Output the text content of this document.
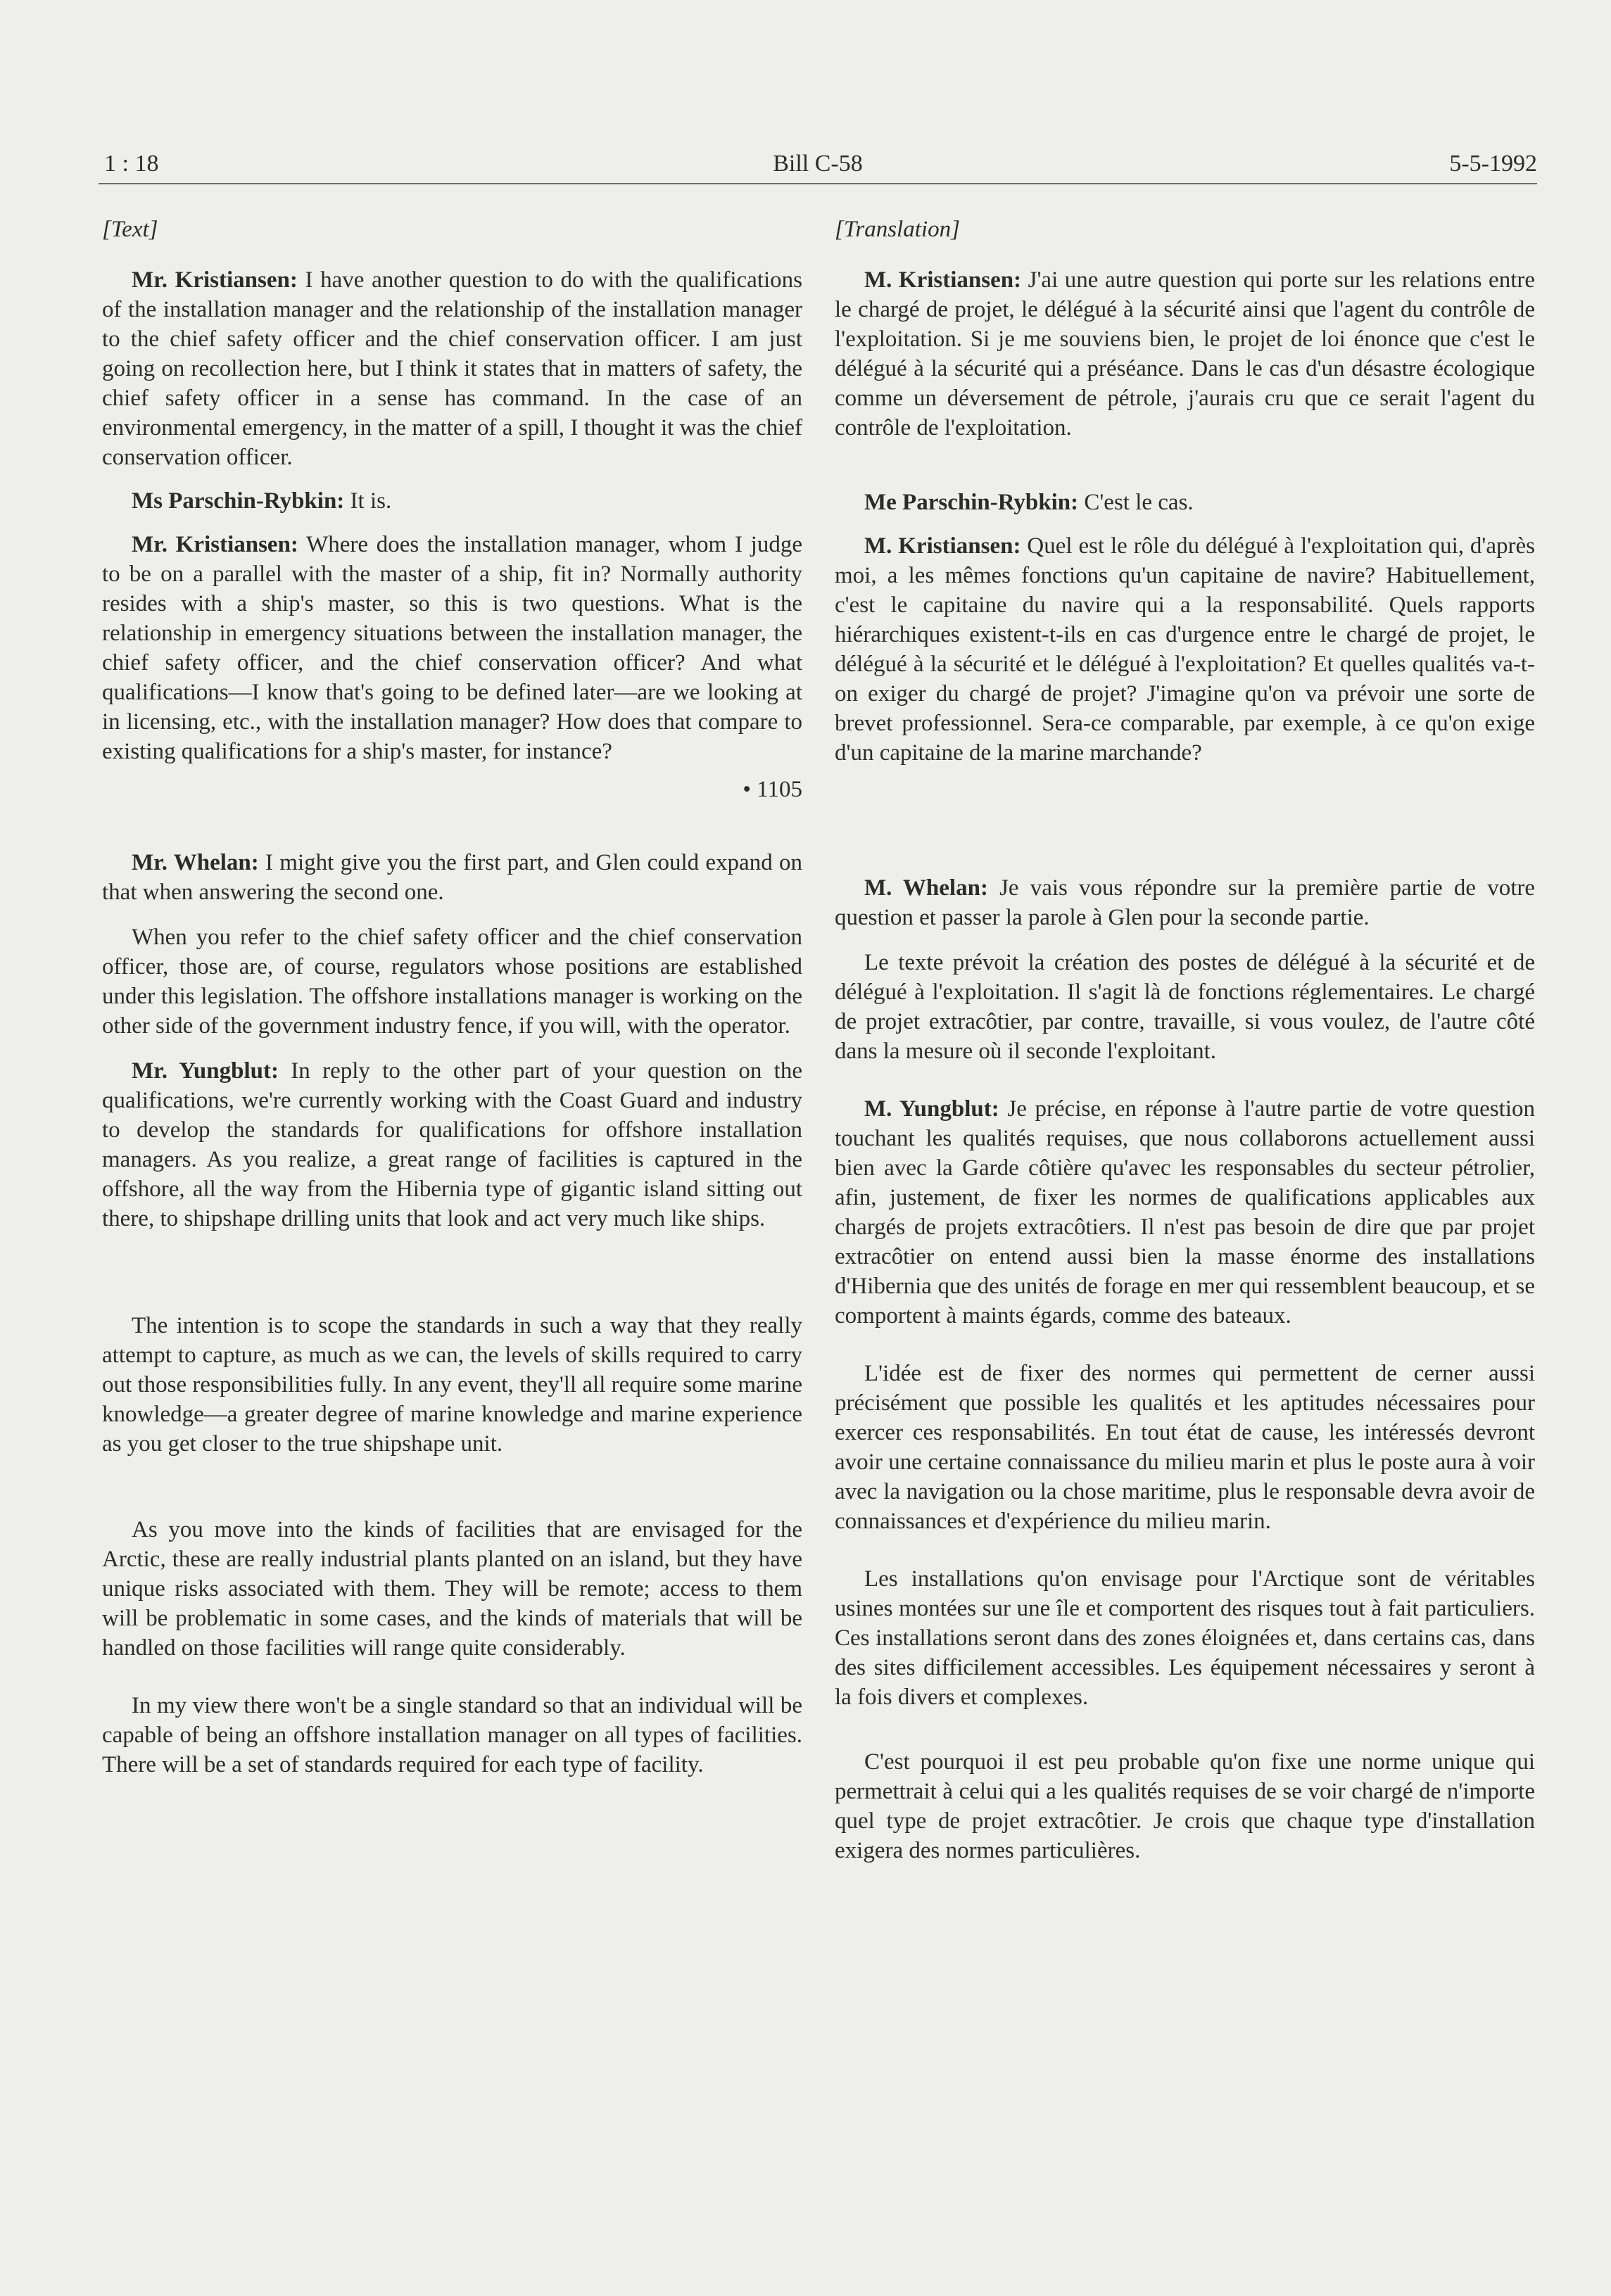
1 : 18	Bill C-58	5-5-1992
[Text]

Mr. Kristiansen: I have another question to do with the qualifications of the installation manager and the relationship of the installation manager to the chief safety officer and the chief conservation officer. I am just going on recollection here, but I think it states that in matters of safety, the chief safety officer in a sense has command. In the case of an environmental emergency, in the matter of a spill, I thought it was the chief conservation officer.

Ms Parschin-Rybkin: It is.

Mr. Kristiansen: Where does the installation manager, whom I judge to be on a parallel with the master of a ship, fit in? Normally authority resides with a ship's master, so this is two questions. What is the relationship in emergency situations between the installation manager, the chief safety officer, and the chief conservation officer? And what qualifications—I know that's going to be defined later—are we looking at in licensing, etc., with the installation manager? How does that compare to existing qualifications for a ship's master, for instance?

• 1105

Mr. Whelan: I might give you the first part, and Glen could expand on that when answering the second one.

When you refer to the chief safety officer and the chief conservation officer, those are, of course, regulators whose positions are established under this legislation. The offshore installations manager is working on the other side of the government industry fence, if you will, with the operator.

Mr. Yungblut: In reply to the other part of your question on the qualifications, we're currently working with the Coast Guard and industry to develop the standards for qualifications for offshore installation managers. As you realize, a great range of facilities is captured in the offshore, all the way from the Hibernia type of gigantic island sitting out there, to shipshape drilling units that look and act very much like ships.

The intention is to scope the standards in such a way that they really attempt to capture, as much as we can, the levels of skills required to carry out those responsibilities fully. In any event, they'll all require some marine knowledge—a greater degree of marine knowledge and marine experience as you get closer to the true shipshape unit.

As you move into the kinds of facilities that are envisaged for the Arctic, these are really industrial plants planted on an island, but they have unique risks associated with them. They will be remote; access to them will be problematic in some cases, and the kinds of materials that will be handled on those facilities will range quite considerably.

In my view there won't be a single standard so that an individual will be capable of being an offshore installation manager on all types of facilities. There will be a set of standards required for each type of facility.

[Translation]

M. Kristiansen: J'ai une autre question qui porte sur les relations entre le chargé de projet, le délégué à la sécurité ainsi que l'agent du contrôle de l'exploitation. Si je me souviens bien, le projet de loi énonce que c'est le délégué à la sécurité qui a préséance. Dans le cas d'un désastre écologique comme un déversement de pétrole, j'aurais cru que ce serait l'agent du contrôle de l'exploitation.

Me Parschin-Rybkin: C'est le cas.

M. Kristiansen: Quel est le rôle du délégué à l'exploitation qui, d'après moi, a les mêmes fonctions qu'un capitaine de navire? Habituellement, c'est le capitaine du navire qui a la responsabilité. Quels rapports hiérarchiques existent-t-ils en cas d'urgence entre le chargé de projet, le délégué à la sécurité et le délégué à l'exploitation? Et quelles qualités va-t-on exiger du chargé de projet? J'imagine qu'on va prévoir une sorte de brevet professionnel. Sera-ce comparable, par exemple, à ce qu'on exige d'un capitaine de la marine marchande?

M. Whelan: Je vais vous répondre sur la première partie de votre question et passer la parole à Glen pour la seconde partie.

Le texte prévoit la création des postes de délégué à la sécurité et de délégué à l'exploitation. Il s'agit là de fonctions réglementaires. Le chargé de projet extracôtier, par contre, travaille, si vous voulez, de l'autre côté dans la mesure où il seconde l'exploitant.

M. Yungblut: Je précise, en réponse à l'autre partie de votre question touchant les qualités requises, que nous collaborons actuellement aussi bien avec la Garde côtière qu'avec les responsables du secteur pétrolier, afin, justement, de fixer les normes de qualifications applicables aux chargés de projets extracôtiers. Il n'est pas besoin de dire que par projet extracôtier on entend aussi bien la masse énorme des installations d'Hibernia que des unités de forage en mer qui ressemblent beaucoup, et se comportent à maints égards, comme des bateaux.

L'idée est de fixer des normes qui permettent de cerner aussi précisément que possible les qualités et les aptitudes nécessaires pour exercer ces responsabilités. En tout état de cause, les intéressés devront avoir une certaine connaissance du milieu marin et plus le poste aura à voir avec la navigation ou la chose maritime, plus le responsable devra avoir de connaissances et d'expérience du milieu marin.

Les installations qu'on envisage pour l'Arctique sont de véritables usines montées sur une île et comportent des risques tout à fait particuliers. Ces installations seront dans des zones éloignées et, dans certains cas, dans des sites difficilement accessibles. Les équipement nécessaires y seront à la fois divers et complexes.

C'est pourquoi il est peu probable qu'on fixe une norme unique qui permettrait à celui qui a les qualités requises de se voir chargé de n'importe quel type de projet extracôtier. Je crois que chaque type d'installation exigera des normes particulières.
